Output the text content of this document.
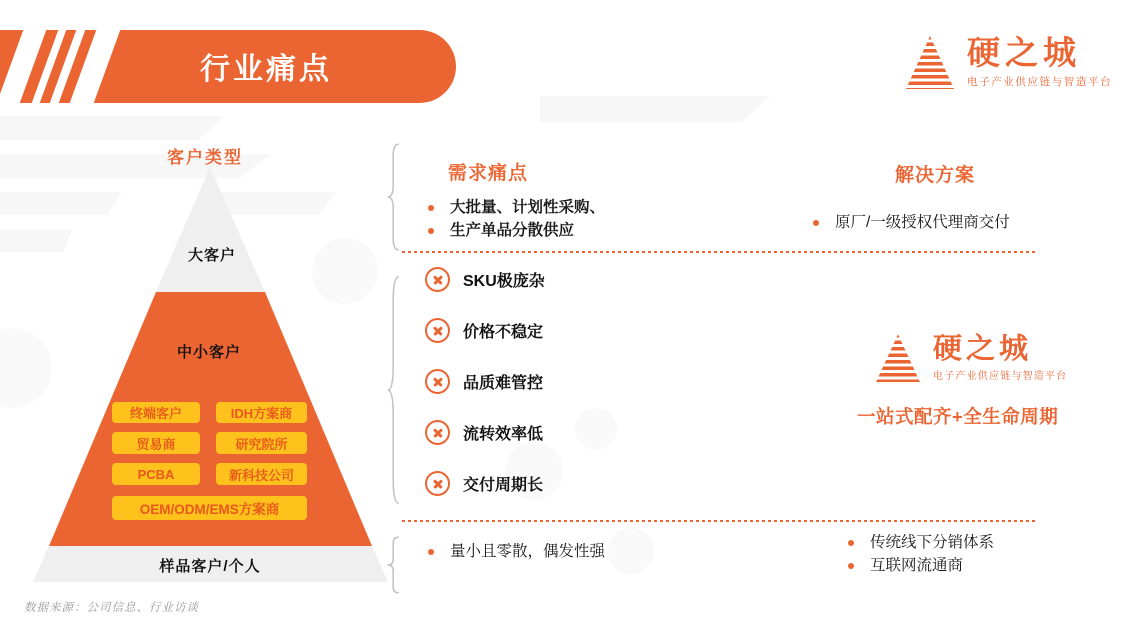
行业痛点	硬之城
电子产业供应链与智造平台
客户类型
大客户
中小客户
样品客户/个人
终端客户	IDH方案商
贸易商	研究院所
PCBA	新科技公司
OEM/ODM/EMS方案商
需求痛点	解决方案
大批量、计划性采购、
生产单品分散供应	原厂/一级授权代理商交付
SKU极庞杂
价格不稳定
品质难管控
流转效率低
交付周期长
硬之城
电子产业供应链与智造平台
一站式配齐+全生命周期
量小且零散，偶发性强
传统线下分销体系
互联网流通商
数据来源：公司信息、行业访谈
